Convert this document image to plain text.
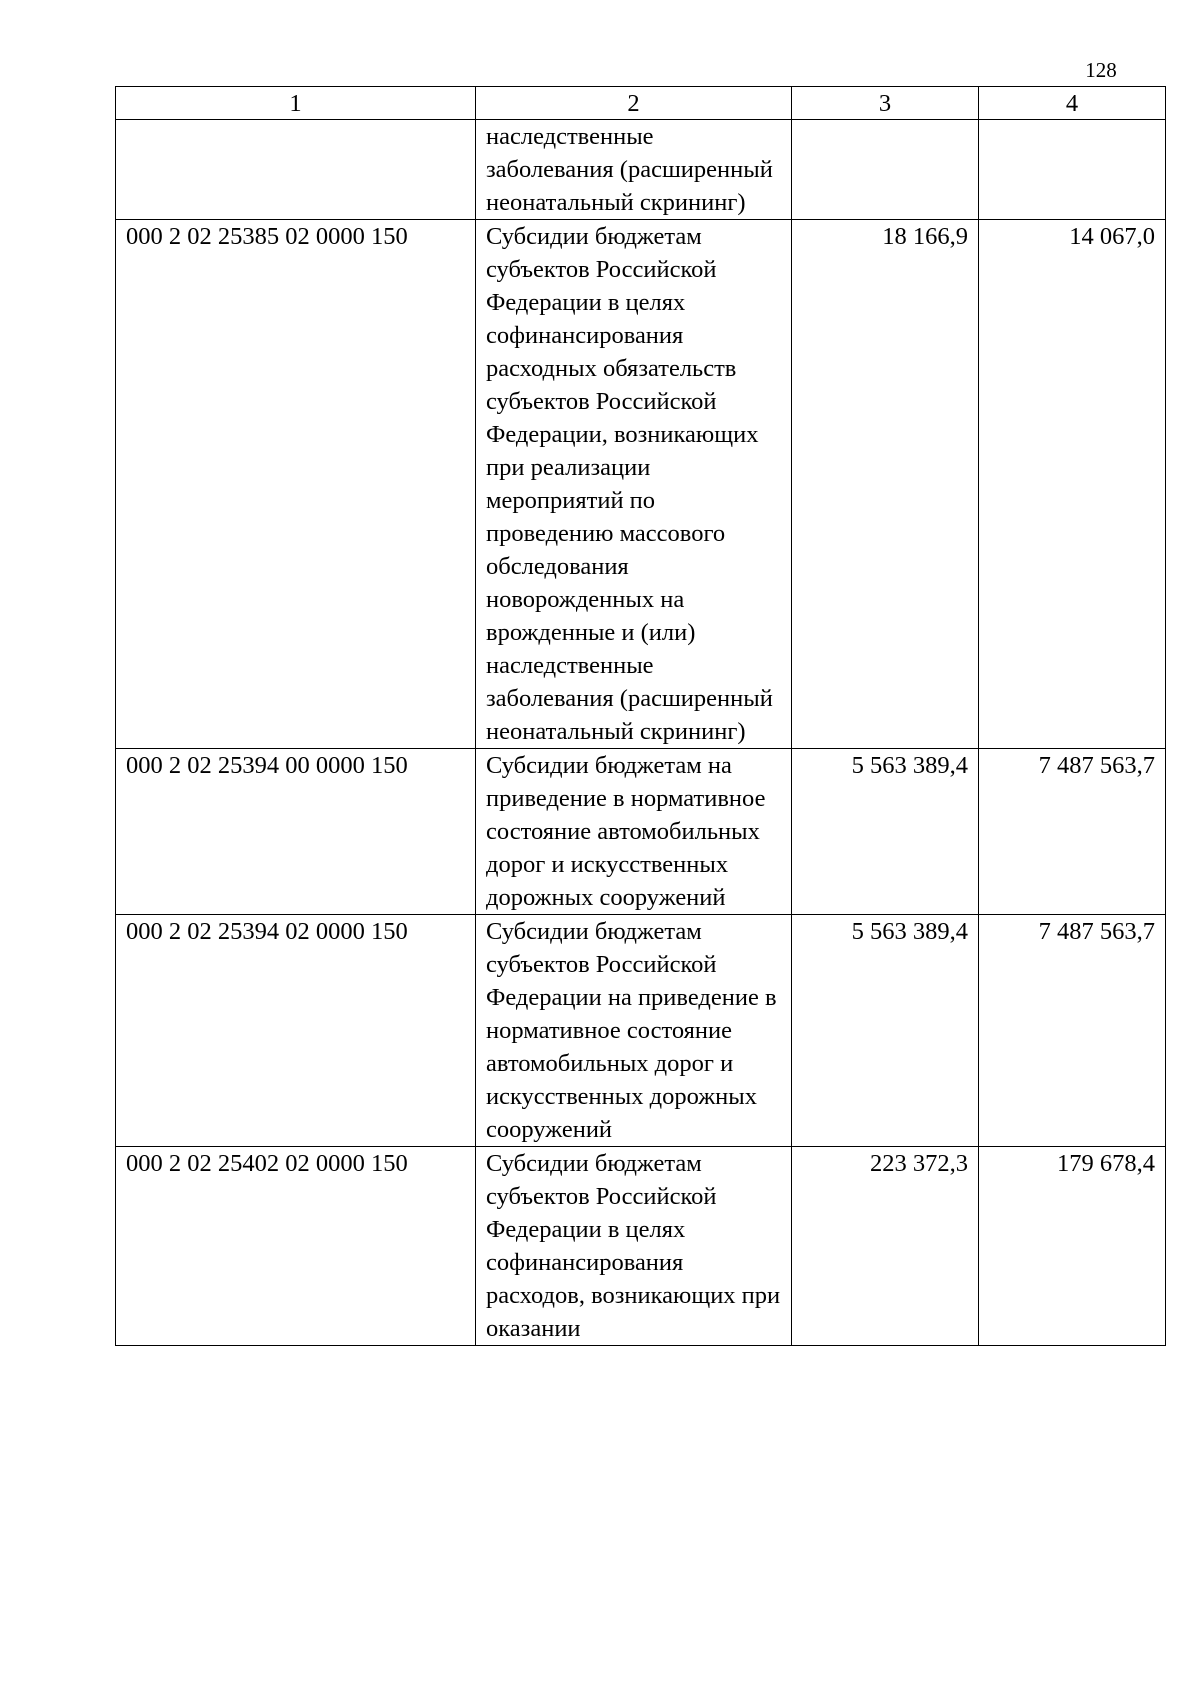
128
1	2	3	4
	наследственные заболевания (расширенный неонатальный скрининг)		
000 2 02 25385 02 0000 150	Субсидии бюджетам субъектов Российской Федерации в целях софинансирования расходных обязательств субъектов Российской Федерации, возникающих при реализации мероприятий по проведению массового обследования новорожденных на врожденные и (или) наследственные заболевания (расширенный неонатальный скрининг)	18 166,9	14 067,0
000 2 02 25394 00 0000 150	Субсидии бюджетам на приведение в нормативное состояние автомобильных дорог и искусственных дорожных сооружений	5 563 389,4	7 487 563,7
000 2 02 25394 02 0000 150	Субсидии бюджетам субъектов Российской Федерации на приведение в нормативное состояние автомобильных дорог и искусственных дорожных сооружений	5 563 389,4	7 487 563,7
000 2 02 25402 02 0000 150	Субсидии бюджетам субъектов Российской Федерации в целях софинансирования расходов, возникающих при оказании	223 372,3	179 678,4
